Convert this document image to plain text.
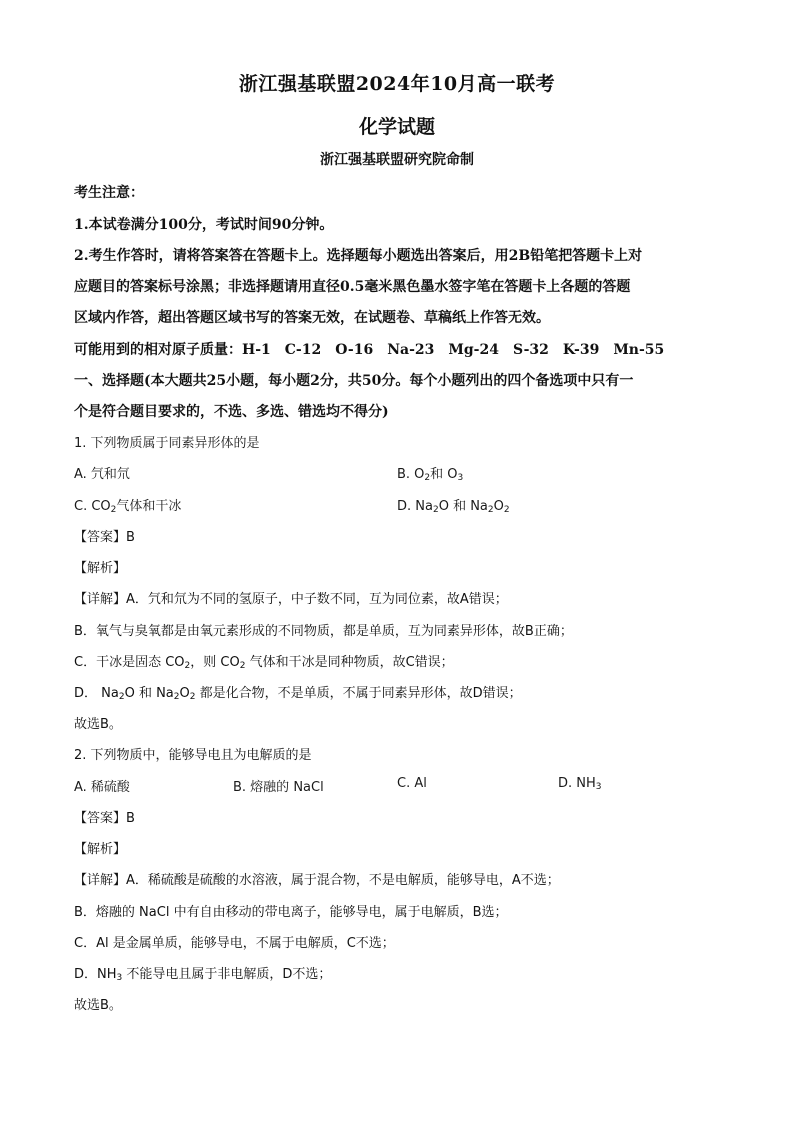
浙江强基联盟2024年10月高一联考
化学试题
浙江强基联盟研究院命制
考生注意：
1.本试卷满分100分，考试时间90分钟。
2.考生作答时，请将答案答在答题卡上。选择题每小题选出答案后，用2B铅笔把答题卡上对
应题目的答案标号涂黑；非选择题请用直径0.5毫米黑色墨水签字笔在答题卡上各题的答题
区域内作答，超出答题区域书写的答案无效，在试题卷、草稿纸上作答无效。
可能用到的相对原子质量：H-1　C-12　O-16　Na-23　Mg-24　S-32　K-39　Mn-55
一、选择题(本大题共25小题，每小题2分，共50分。每个小题列出的四个备选项中只有一
个是符合题目要求的，不选、多选、错选均不得分)
1. 下列物质属于同素异形体的是
A. 氕和氘	B. $O_2$和 $O_3$
C. $CO_2$气体和干冰	D. $Na_2O$ 和 $Na_2O_2$
【答案】B
【解析】
【详解】A．氕和氘为不同的氢原子，中子数不同，互为同位素，故A错误；
B．氧气与臭氧都是由氧元素形成的不同物质，都是单质，互为同素异形体，故B正确；
C．干冰是固态 $CO_2$，则 $CO_2$ 气体和干冰是同种物质，故C错误；
D． $Na_2O$ 和 $Na_2O_2$ 都是化合物，不是单质，不属于同素异形体，故D错误；
故选B。
2. 下列物质中，能够导电且为电解质的是
A. 稀硫酸	B. 熔融的 NaCl	C. Al	D. $NH_3$
【答案】B
【解析】
【详解】A．稀硫酸是硫酸的水溶液，属于混合物，不是电解质，能够导电，A不选；
B．熔融的 NaCl 中有自由移动的带电离子，能够导电，属于电解质，B选；
C．Al 是金属单质，能够导电，不属于电解质，C不选；
D．$NH_3$ 不能导电且属于非电解质，D不选；
故选B。
